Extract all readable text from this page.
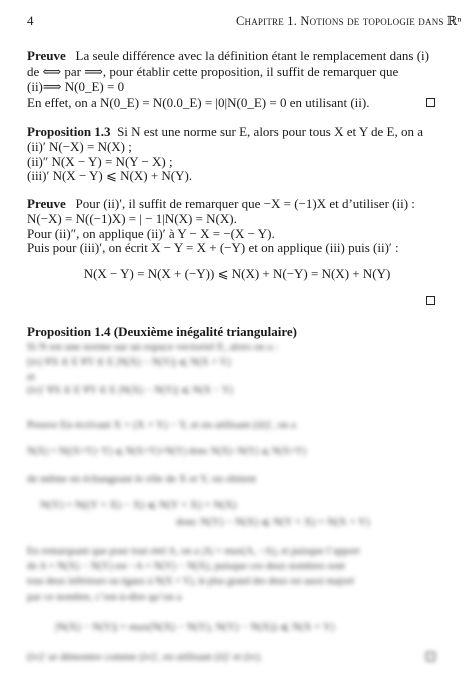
4	Chapitre 1. Notions de topologie dans ℝⁿ
Preuve La seule différence avec la définition étant le remplacement dans (i)
de ⟺ par ⟹, pour établir cette proposition, il suffit de remarquer que
(ii)⟹ N(0_E) = 0
En effet, on a N(0_E) = N(0.0_E) = |0|N(0_E) = 0 en utilisant (ii).
Proposition 1.3 Si N est une norme sur E, alors pour tous X et Y de E, on a
(ii)′ N(−X) = N(X) ;
(ii)″ N(X − Y) = N(Y − X) ;
(iii)′ N(X − Y) ⩽ N(X) + N(Y).
Preuve Pour (ii)′, il suffit de remarquer que −X = (−1)X et d’utiliser (ii) :
N(−X) = N((−1)X) = | − 1|N(X) = N(X).
Pour (ii)″, on applique (ii)′ à Y − X = −(X − Y).
Puis pour (iii)′, on écrit X − Y = X + (−Y) et on applique (iii) puis (ii)′ :
N(X − Y) = N(X + (−Y)) ⩽ N(X) + N(−Y) = N(X) + N(Y)
Proposition 1.4 (Deuxième inégalité triangulaire)
Si N est une norme sur un espace vectoriel E, alors on a :
(iv) ∀X ∈ E ∀Y ∈ E |N(X) − N(Y)| ⩽ N(X + Y)
et
(iv)′ ∀X ∈ E ∀Y ∈ E |N(X) − N(Y)| ⩽ N(X − Y)
Preuve En écrivant X = (X + Y) − Y, et en utilisant (iii)′, on a
N(X) = N((X+Y)−Y) ⩽ N(X+Y)+N(Y) donc N(X)−N(Y) ⩽ N(X+Y)
de même en échangeant le rôle de X et Y, on obtient
N(Y) = N((Y + X) − X) ⩽ N(Y + X) + N(X)
donc N(Y) − N(X) ⩽ N(Y + X) = N(X + Y)
En remarquant que pour tout réel A, on a |A| = max(A, −A), et puisque l’apport
de A = N(X) − N(Y) est −A = N(Y) − N(X), puisque ces deux nombres sont
tous deux inférieurs ou égaux à N(X + Y), le plus grand des deux est aussi majoré
par ce nombre, c’est-à-dire qu’on a
|N(X) − N(Y)| = max(N(X) − N(Y), N(Y) − N(X)) ⩽ N(X + Y)
(iv)′ se démontre comme (iv)′, en utilisant (ii)′ et (iv).
